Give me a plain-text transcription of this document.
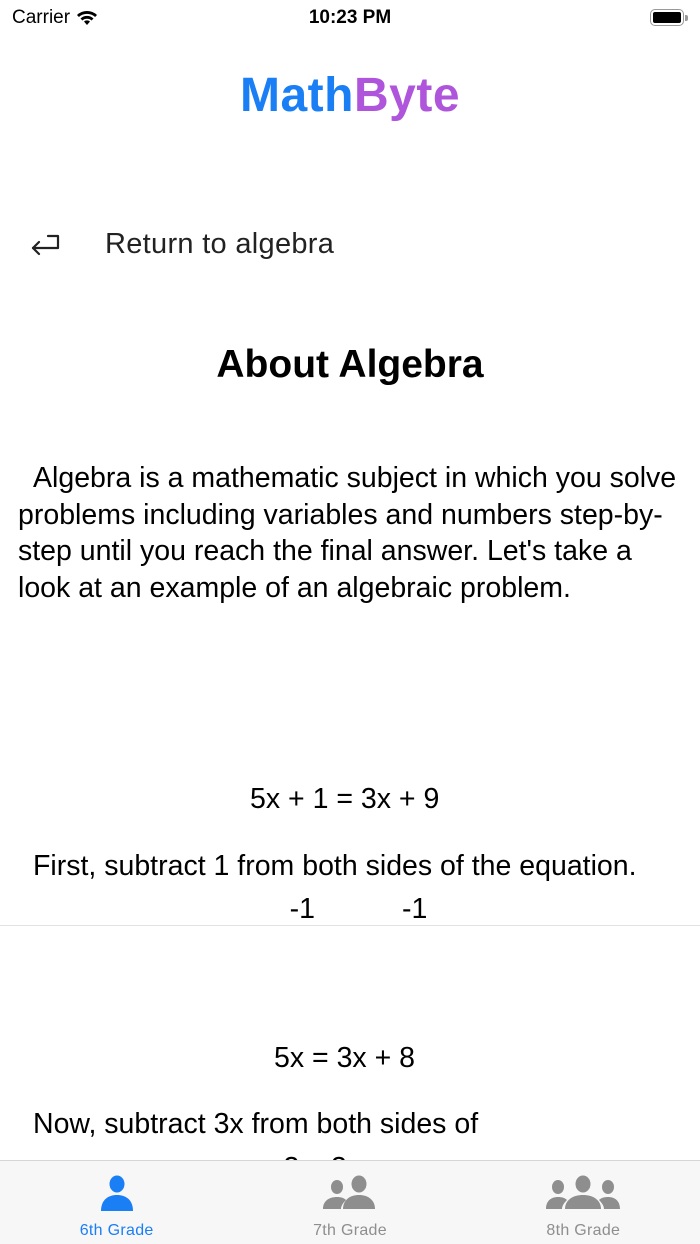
Carrier	10:23 PM
MathByte
Return to algebra
About Algebra

Algebra is a mathematic subject in which you solve problems including variables and numbers step-by-step until you reach the final answer. Let's take a look at an example of an algebraic problem.

5x + 1 = 3x + 9

-1           -1

First, subtract 1 from both sides of the equation.

5x = 3x + 8

Now, subtract 3x from both sides of

6th Grade	7th Grade	8th Grade
